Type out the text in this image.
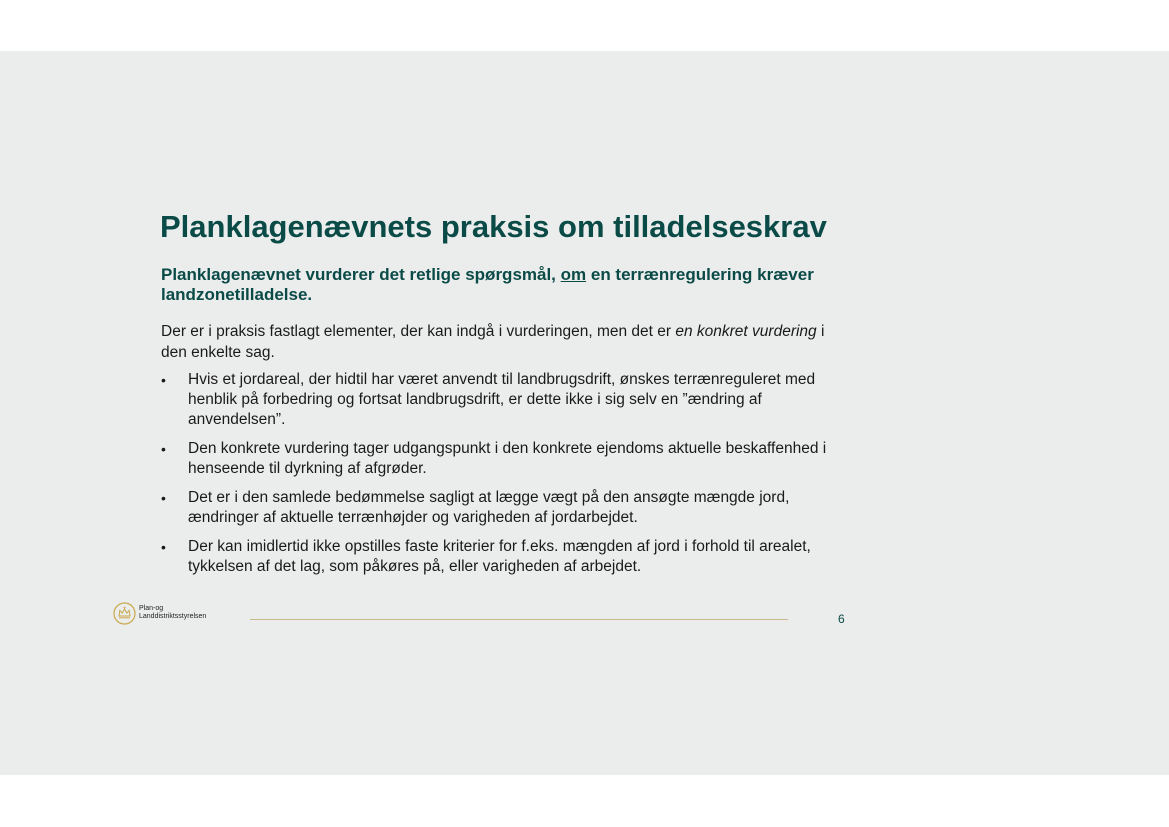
Planklagenævnets praksis om tilladelseskrav

Planklagenævnet vurderer det retlige spørgsmål, om en terrænregulering kræver landzonetilladelse.

Der er i praksis fastlagt elementer, der kan indgå i vurderingen, men det er en konkret vurdering i den enkelte sag.

• Hvis et jordareal, der hidtil har været anvendt til landbrugsdrift, ønskes terrænreguleret med henblik på forbedring og fortsat landbrugsdrift, er dette ikke i sig selv en ”ændring af anvendelsen”.
• Den konkrete vurdering tager udgangspunkt i den konkrete ejendoms aktuelle beskaffenhed i henseende til dyrkning af afgrøder.
• Det er i den samlede bedømmelse sagligt at lægge vægt på den ansøgte mængde jord, ændringer af aktuelle terrænhøjder og varigheden af jordarbejdet.
• Der kan imidlertid ikke opstilles faste kriterier for f.eks. mængden af jord i forhold til arealet, tykkelsen af det lag, som påkøres på, eller varigheden af arbejdet.
Plan-og
Landdistriktsstyrelsen	6
